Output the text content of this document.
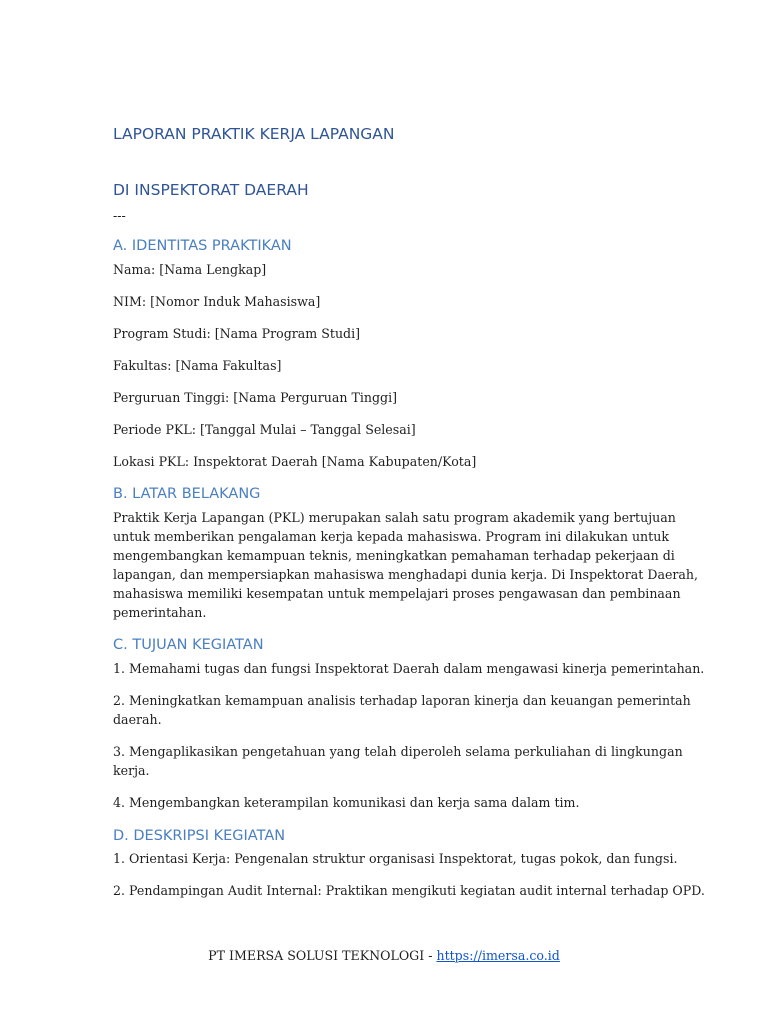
LAPORAN PRAKTIK KERJA LAPANGAN
DI INSPEKTORAT DAERAH

---

A. IDENTITAS PRAKTIKAN

Nama: [Nama Lengkap]

NIM: [Nomor Induk Mahasiswa]

Program Studi: [Nama Program Studi]

Fakultas: [Nama Fakultas]

Perguruan Tinggi: [Nama Perguruan Tinggi]

Periode PKL: [Tanggal Mulai – Tanggal Selesai]

Lokasi PKL: Inspektorat Daerah [Nama Kabupaten/Kota]

B. LATAR BELAKANG

Praktik Kerja Lapangan (PKL) merupakan salah satu program akademik yang bertujuan
untuk memberikan pengalaman kerja kepada mahasiswa. Program ini dilakukan untuk
mengembangkan kemampuan teknis, meningkatkan pemahaman terhadap pekerjaan di
lapangan, dan mempersiapkan mahasiswa menghadapi dunia kerja. Di Inspektorat Daerah,
mahasiswa memiliki kesempatan untuk mempelajari proses pengawasan dan pembinaan
pemerintahan.

C. TUJUAN KEGIATAN

1. Memahami tugas dan fungsi Inspektorat Daerah dalam mengawasi kinerja pemerintahan.

2. Meningkatkan kemampuan analisis terhadap laporan kinerja dan keuangan pemerintah
daerah.

3. Mengaplikasikan pengetahuan yang telah diperoleh selama perkuliahan di lingkungan
kerja.

4. Mengembangkan keterampilan komunikasi dan kerja sama dalam tim.

D. DESKRIPSI KEGIATAN

1. Orientasi Kerja: Pengenalan struktur organisasi Inspektorat, tugas pokok, dan fungsi.

2. Pendampingan Audit Internal: Praktikan mengikuti kegiatan audit internal terhadap OPD.

PT IMERSA SOLUSI TEKNOLOGI - https://imersa.co.id
